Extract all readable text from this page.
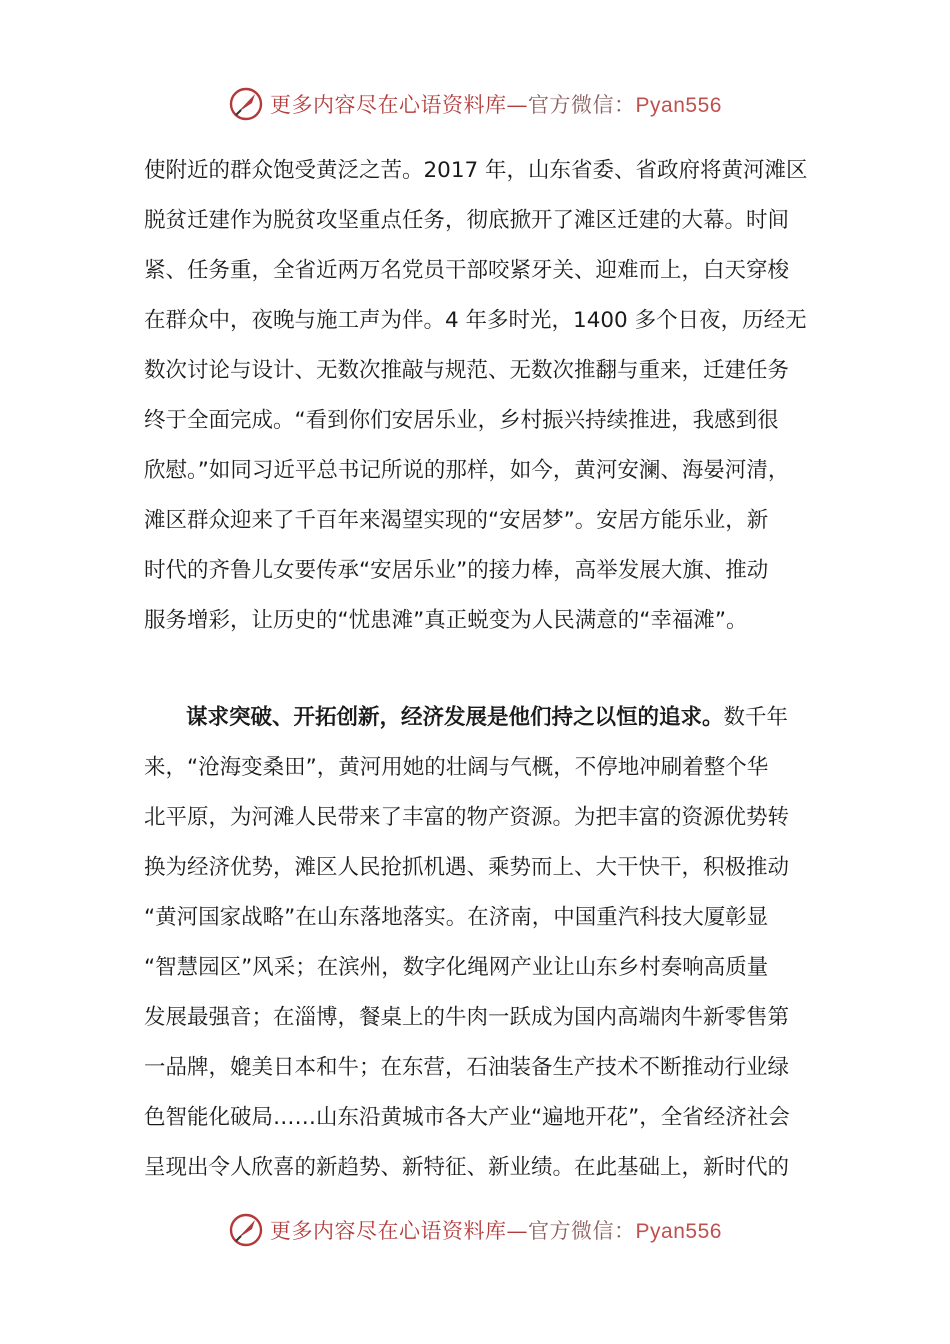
更多内容尽在心语资料库—官方微信：Pyan556
使附近的群众饱受黄泛之苦。2017 年，山东省委、省政府将黄河滩区
脱贫迁建作为脱贫攻坚重点任务，彻底掀开了滩区迁建的大幕。时间
紧、任务重，全省近两万名党员干部咬紧牙关、迎难而上，白天穿梭
在群众中，夜晚与施工声为伴。4 年多时光，1400 多个日夜，历经无
数次讨论与设计、无数次推敲与规范、无数次推翻与重来，迁建任务
终于全面完成。“看到你们安居乐业，乡村振兴持续推进，我感到很
欣慰。”如同习近平总书记所说的那样，如今，黄河安澜、海晏河清，
滩区群众迎来了千百年来渴望实现的“安居梦”。安居方能乐业，新
时代的齐鲁儿女要传承“安居乐业”的接力棒，高举发展大旗、推动
服务增彩，让历史的“忧患滩”真正蜕变为人民满意的“幸福滩”。
谋求突破、开拓创新，经济发展是他们持之以恒的追求。数千年
来，“沧海变桑田”，黄河用她的壮阔与气概，不停地冲刷着整个华
北平原，为河滩人民带来了丰富的物产资源。为把丰富的资源优势转
换为经济优势，滩区人民抢抓机遇、乘势而上、大干快干，积极推动
“黄河国家战略”在山东落地落实。在济南，中国重汽科技大厦彰显
“智慧园区”风采；在滨州，数字化绳网产业让山东乡村奏响高质量
发展最强音；在淄博，餐桌上的牛肉一跃成为国内高端肉牛新零售第
一品牌，媲美日本和牛；在东营，石油装备生产技术不断推动行业绿
色智能化破局……山东沿黄城市各大产业“遍地开花”，全省经济社会
呈现出令人欣喜的新趋势、新特征、新业绩。在此基础上，新时代的
更多内容尽在心语资料库—官方微信：Pyan556
